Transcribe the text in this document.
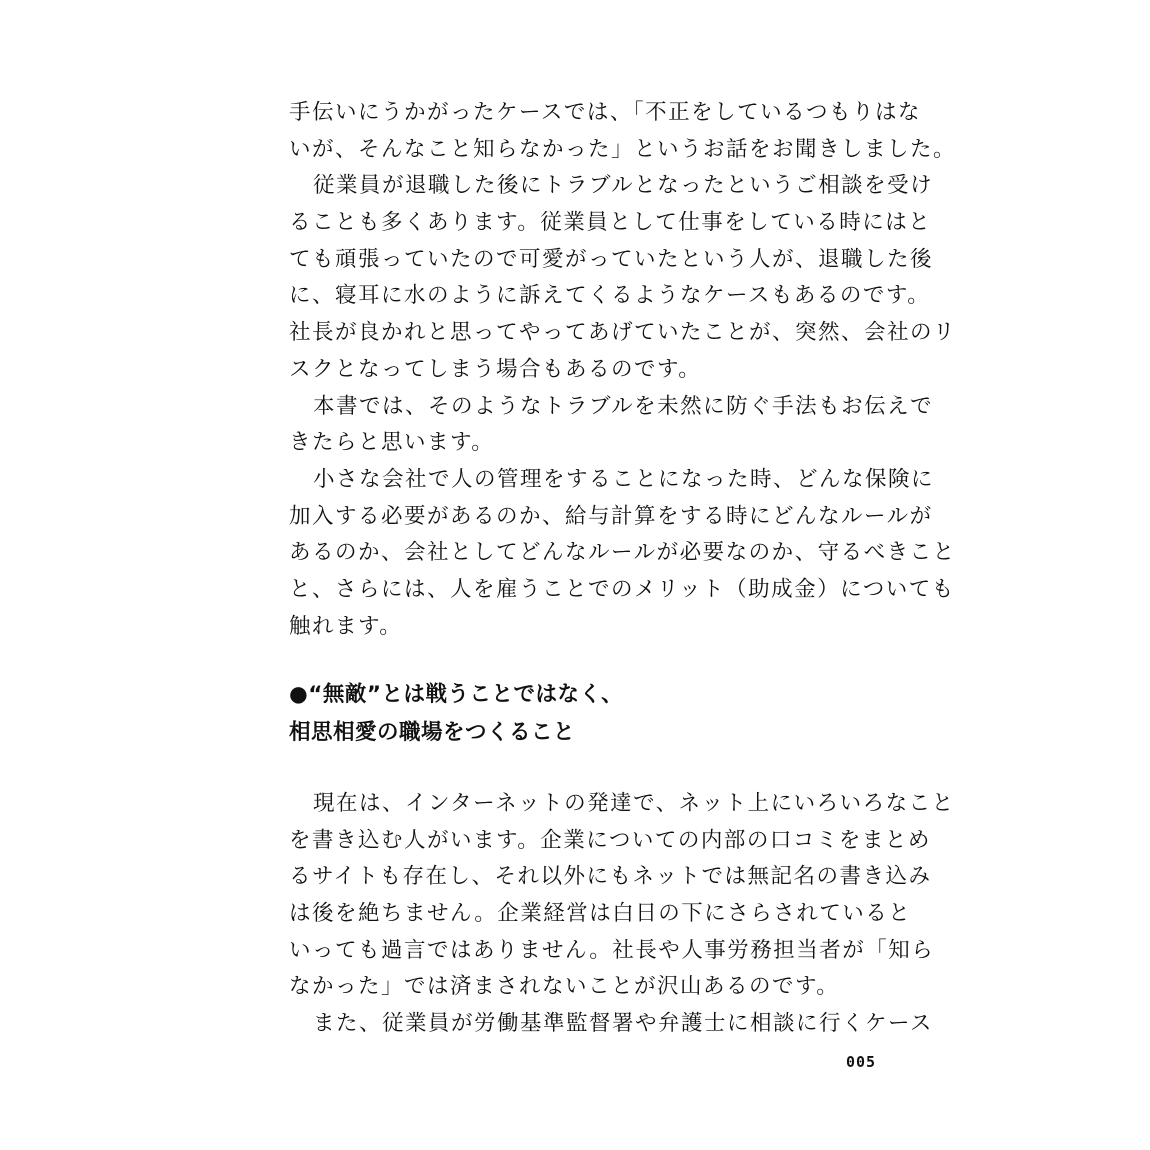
手伝いにうかがったケースでは、「不正をしているつもりはな
いが、そんなこと知らなかった」というお話をお聞きしました。
従業員が退職した後にトラブルとなったというご相談を受け
ることも多くあります。従業員として仕事をしている時にはと
ても頑張っていたので可愛がっていたという人が、退職した後
に、寝耳に水のように訴えてくるようなケースもあるのです。
社長が良かれと思ってやってあげていたことが、突然、会社のリ
スクとなってしまう場合もあるのです。
本書では、そのようなトラブルを未然に防ぐ手法もお伝えで
きたらと思います。
小さな会社で人の管理をすることになった時、どんな保険に
加入する必要があるのか、給与計算をする時にどんなルールが
あるのか、会社としてどんなルールが必要なのか、守るべきこと
と、さらには、人を雇うことでのメリット（助成金）についても
触れます。
●“無敵”とは戦うことではなく、
相思相愛の職場をつくること
現在は、インターネットの発達で、ネット上にいろいろなこと
を書き込む人がいます。企業についての内部の口コミをまとめ
るサイトも存在し、それ以外にもネットでは無記名の書き込み
は後を絶ちません。企業経営は白日の下にさらされていると
いっても過言ではありません。社長や人事労務担当者が「知ら
なかった」では済まされないことが沢山あるのです。
また、従業員が労働基準監督署や弁護士に相談に行くケース
005
